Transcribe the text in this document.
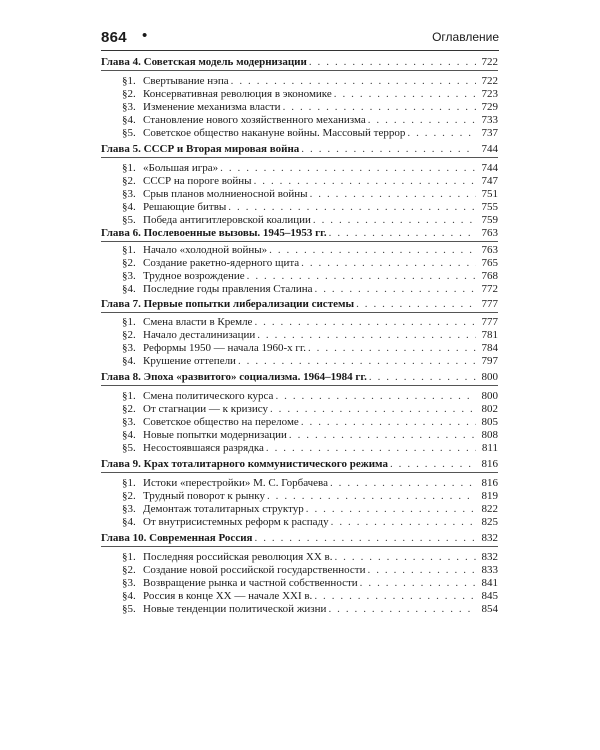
864 •	Оглавление
Глава 4. Советская модель модернизации . . .	722
§1. Свертывание нэпа . . .	722
§2. Консервативная революция в экономике . . .	723
§3. Изменение механизма власти . . .	729
§4. Становление нового хозяйственного механизма . . .	733
§5. Советское общество накануне войны. Массовый террор . . .	737
Глава 5. СССР и Вторая мировая война . . .	744
§1. «Большая игра» . . .	744
§2. СССР на пороге войны . . .	747
§3. Срыв планов молниеносной войны . . .	751
§4. Решающие битвы . . .	755
§5. Победа антигитлеровской коалиции . . .	759
Глава 6. Послевоенные вызовы. 1945–1953 гг. . . .	763
§1. Начало «холодной войны» . . .	763
§2. Создание ракетно-ядерного щита . . .	765
§3. Трудное возрождение . . .	768
§4. Последние годы правления Сталина . . .	772
Глава 7. Первые попытки либерализации системы . . .	777
§1. Смена власти в Кремле . . .	777
§2. Начало десталинизации . . .	781
§3. Реформы 1950 — начала 1960-х гг. . . .	784
§4. Крушение оттепели . . .	797
Глава 8. Эпоха «развитого» социализма. 1964–1984 гг. . . .	800
§1. Смена политического курса . . .	800
§2. От стагнации — к кризису . . .	802
§3. Советское общество на переломе . . .	805
§4. Новые попытки модернизации . . .	808
§5. Несостоявшаяся разрядка . . .	811
Глава 9. Крах тоталитарного коммунистического режима . . .	816
§1. Истоки «перестройки» М. С. Горбачева . . .	816
§2. Трудный поворот к рынку . . .	819
§3. Демонтаж тоталитарных структур . . .	822
§4. От внутрисистемных реформ к распаду . . .	825
Глава 10. Современная Россия . . .	832
§1. Последняя российская революция XX в. . . .	832
§2. Создание новой российской государственности . . .	833
§3. Возвращение рынка и частной собственности . . .	841
§4. Россия в конце XX — начале XXI в. . . .	845
§5. Новые тенденции политической жизни . . .	854
